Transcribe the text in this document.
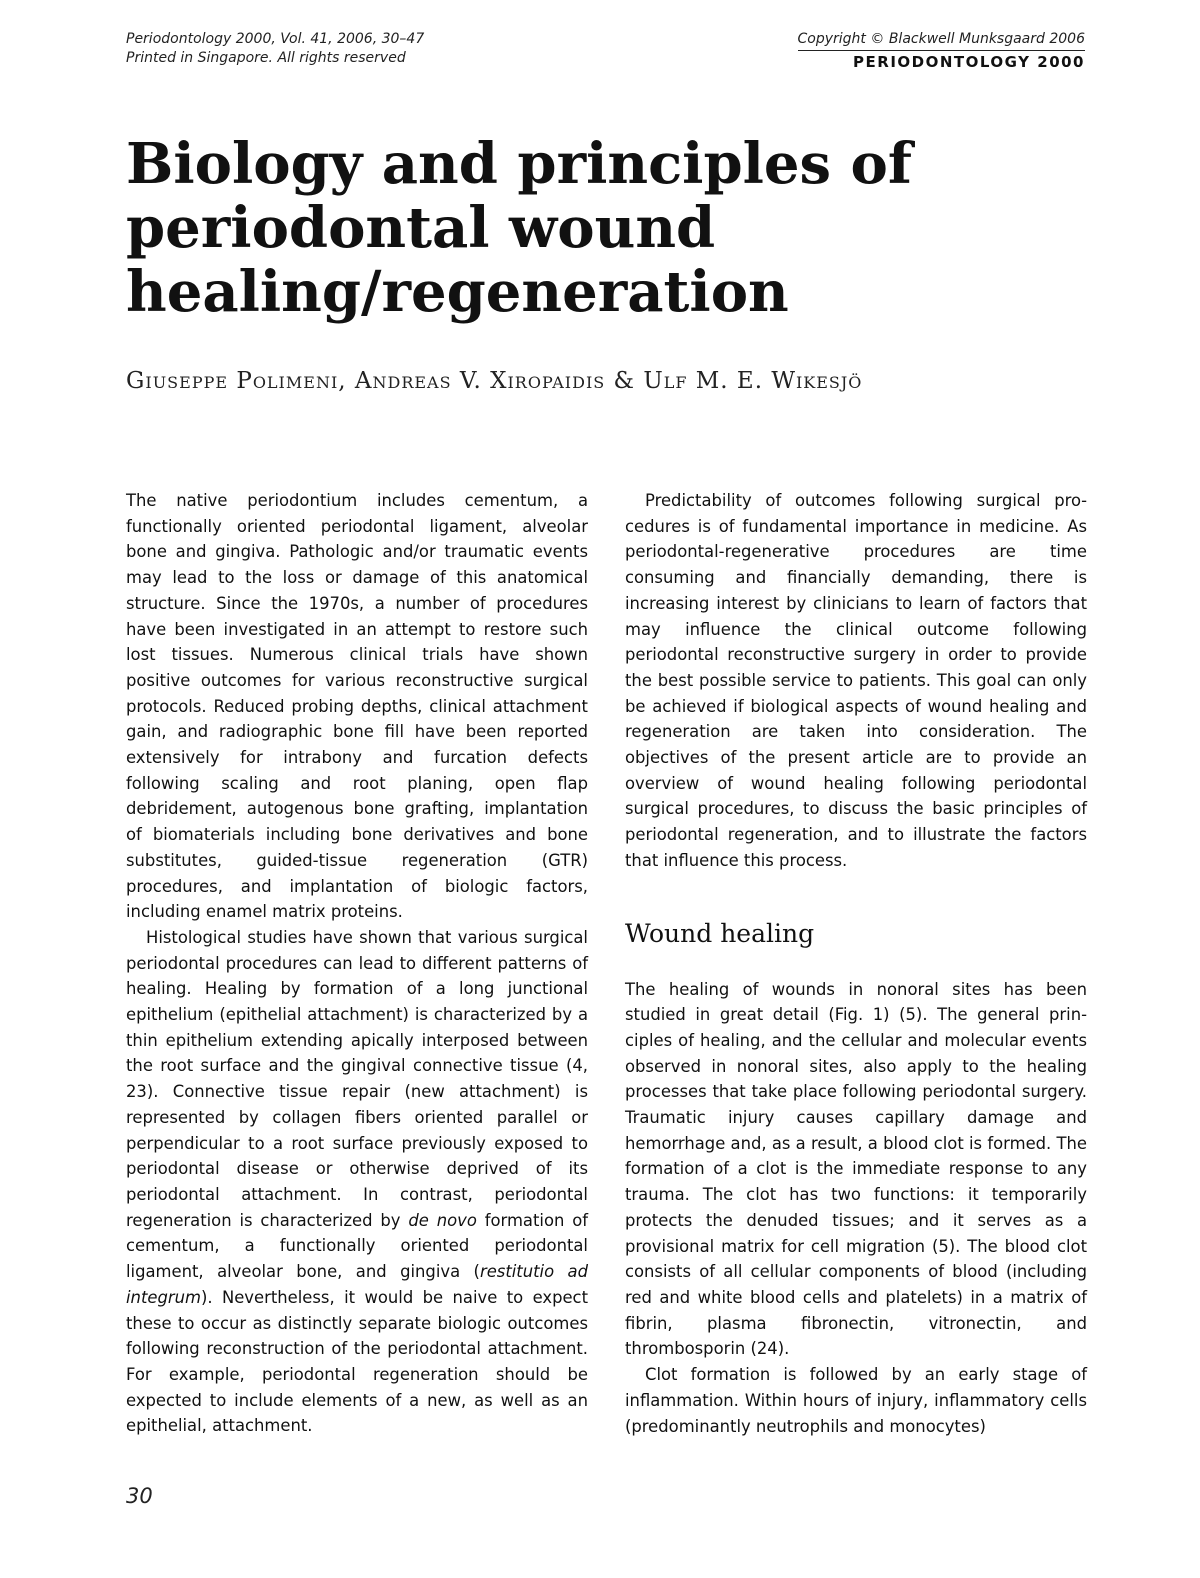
Periodontology 2000, Vol. 41, 2006, 30–47
Printed in Singapore. All rights reserved
Copyright © Blackwell Munksgaard 2006
PERIODONTOLOGY 2000
Biology and principles of
periodontal wound
healing/regeneration
Giuseppe Polimeni, Andreas V. Xiropaidis & Ulf M. E. Wikesjö

The native periodontium includes cementum, a functionally oriented periodontal ligament, alveolar bone and gingiva. Pathologic and/or traumatic events may lead to the loss or damage of this anatomical structure. Since the 1970s, a number of procedures have been investigated in an attempt to restore such lost tissues. Numerous clinical trials have shown positive outcomes for various reconstructive surgical protocols. Reduced probing depths, clinical attachment gain, and radiographic bone fill have been reported extensively for intrabony and furcation defects following scaling and root planing, open flap debridement, autogenous bone grafting, implantation of biomaterials including bone derivatives and bone substitutes, guided-tissue regeneration (GTR) procedures, and implantation of biologic factors, including enamel matrix proteins.

Histological studies have shown that various surgical periodontal procedures can lead to different patterns of healing. Healing by formation of a long junctional epithelium (epithelial attachment) is characterized by a thin epithelium extending apically interposed between the root surface and the gingival connective tissue (4, 23). Connective tissue repair (new attachment) is represented by collagen fibers oriented parallel or perpendicular to a root surface previously exposed to periodontal disease or otherwise deprived of its periodontal attachment. In contrast, periodontal regeneration is characterized by de novo formation of cementum, a functionally oriented periodontal ligament, alveolar bone, and gingiva (restitutio ad integrum). Nevertheless, it would be naive to expect these to occur as distinctly separate biologic outcomes following reconstruction of the periodontal attachment. For example, periodontal regeneration should be expected to include elements of a new, as well as an epithelial, attachment.

Predictability of outcomes following surgical procedures is of fundamental importance in medicine. As periodontal-regenerative procedures are time consuming and financially demanding, there is increasing interest by clinicians to learn of factors that may influence the clinical outcome following periodontal reconstructive surgery in order to provide the best possible service to patients. This goal can only be achieved if biological aspects of wound healing and regeneration are taken into consideration. The objectives of the present article are to provide an overview of wound healing following periodontal surgical procedures, to discuss the basic principles of periodontal regeneration, and to illustrate the factors that influence this process.

Wound healing

The healing of wounds in nonoral sites has been studied in great detail (Fig. 1) (5). The general principles of healing, and the cellular and molecular events observed in nonoral sites, also apply to the healing processes that take place following periodontal surgery. Traumatic injury causes capillary damage and hemorrhage and, as a result, a blood clot is formed. The formation of a clot is the immediate response to any trauma. The clot has two functions: it temporarily protects the denuded tissues; and it serves as a provisional matrix for cell migration (5). The blood clot consists of all cellular components of blood (including red and white blood cells and platelets) in a matrix of fibrin, plasma fibronectin, vitronectin, and thrombosporin (24).

Clot formation is followed by an early stage of inflammation. Within hours of injury, inflammatory cells (predominantly neutrophils and monocytes)

30
